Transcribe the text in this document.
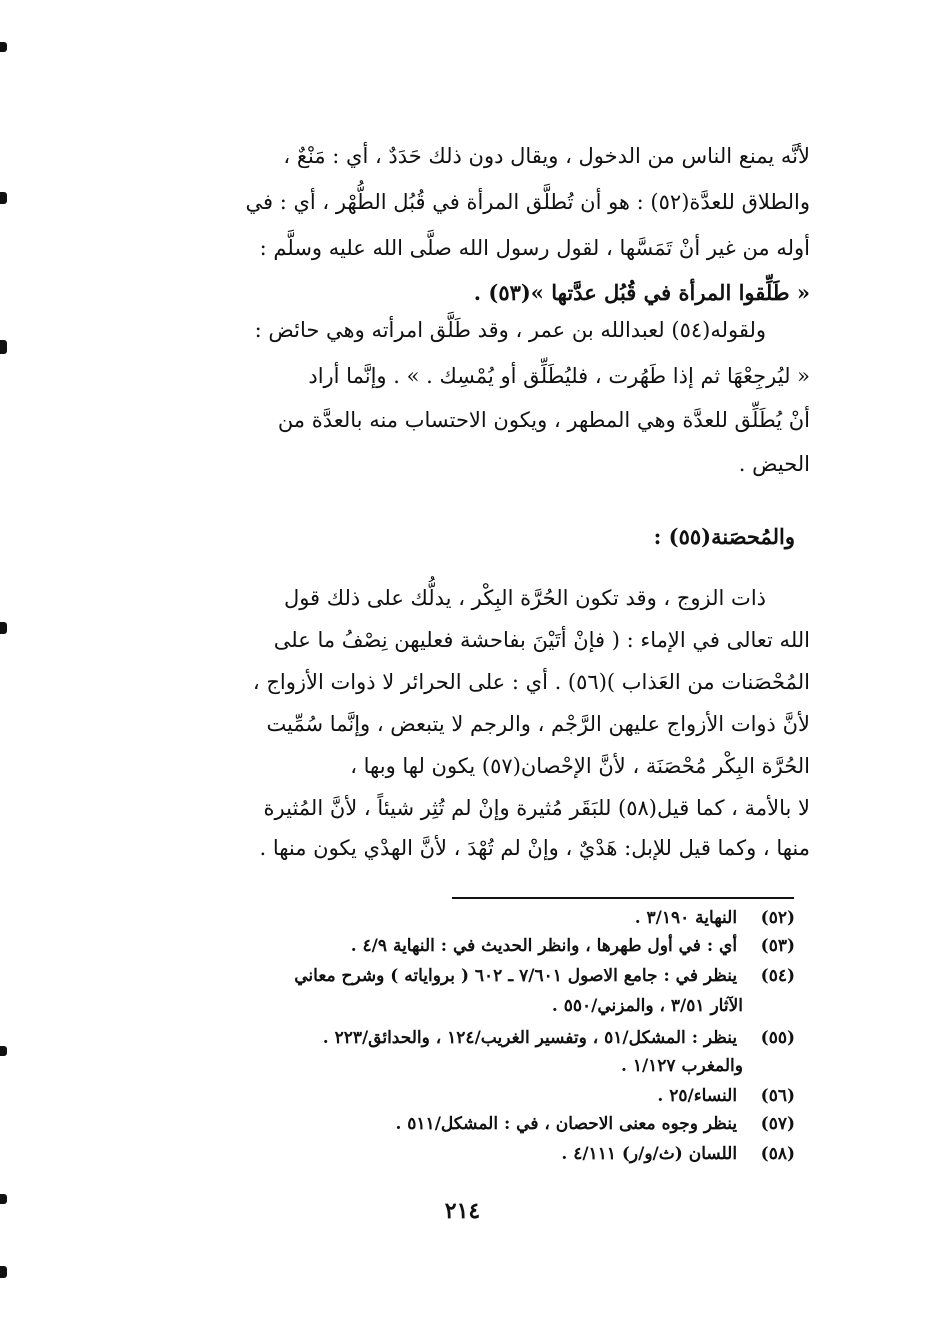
لأنَّه يمنع الناس من الدخول ، ويقال دون ذلك حَدَدٌ ، أي : مَنْعٌ ،
والطلاق للعدَّة(٥٢) : هو أن تُطلَّق المرأة في قُبُل الطُّهْر ، أي : في
أوله من غير أنْ تَمَسَّها ، لقول رسول الله صلَّى الله عليه وسلَّم :
« طَلِّقوا المرأة في قُبُل عدَّتها »(٥٣) .
ولقوله(٥٤) لعبدالله بن عمر ، وقد طَلَّق امرأته وهي حائض :
« ليُرجِعْهَا ثم إذا طَهُرت ، فليُطَلِّق أو يُمْسِك . » . وإنَّما أراد
أنْ يُطَلِّق للعدَّة وهي المطهر ، ويكون الاحتساب منه بالعدَّة من
الحيض .
والمُحصَنة(٥٥) :
ذات الزوج ، وقد تكون الحُرَّة البِكْر ، يدلُّك على ذلك قول
الله تعالى في الإماء : ( فإنْ أتَيْنَ بفاحشة فعليهن نِصْفُ ما على
المُحْصَنات من العَذاب )(٥٦) . أي : على الحرائر لا ذوات الأزواج ،
لأنَّ ذوات الأزواج عليهن الرَّجْم ، والرجم لا يتبعض ، وإنَّما سُمِّيت
الحُرَّة البِكْر مُحْصَنَة ، لأنَّ الإحْصان(٥٧) يكون لها وبها ،
لا بالأمة ، كما قيل(٥٨) للبَقَر مُثيرة وإنْ لم تُثِر شيئاً ، لأنَّ المُثيرة
منها ، وكما قيل للإبل: هَدْيٌ ، وإنْ لم تُهْدَ ، لأنَّ الهدْي يكون منها .
(٥٢) النهاية ٣/١٩٠ .
(٥٣) أي : في أول طهرها ، وانظر الحديث في : النهاية ٤/٩ .
(٥٤) ينظر في : جامع الاصول ٧/٦٠١ ـ ٦٠٢ ( برواياته ) وشرح معاني
الآثار ٣/٥١ ، والمزني/٥٥٠ .
(٥٥) ينظر : المشكل/٥١ ، وتفسير الغريب/١٢٤ ، والحدائق/٢٢٣ .
والمغرب ١/١٢٧ .
(٥٦) النساء/٢٥ .
(٥٧) ينظر وجوه معنى الاحصان ، في : المشكل/٥١١ .
(٥٨) اللسان (ث/و/ر) ٤/١١١ .
٢١٤
